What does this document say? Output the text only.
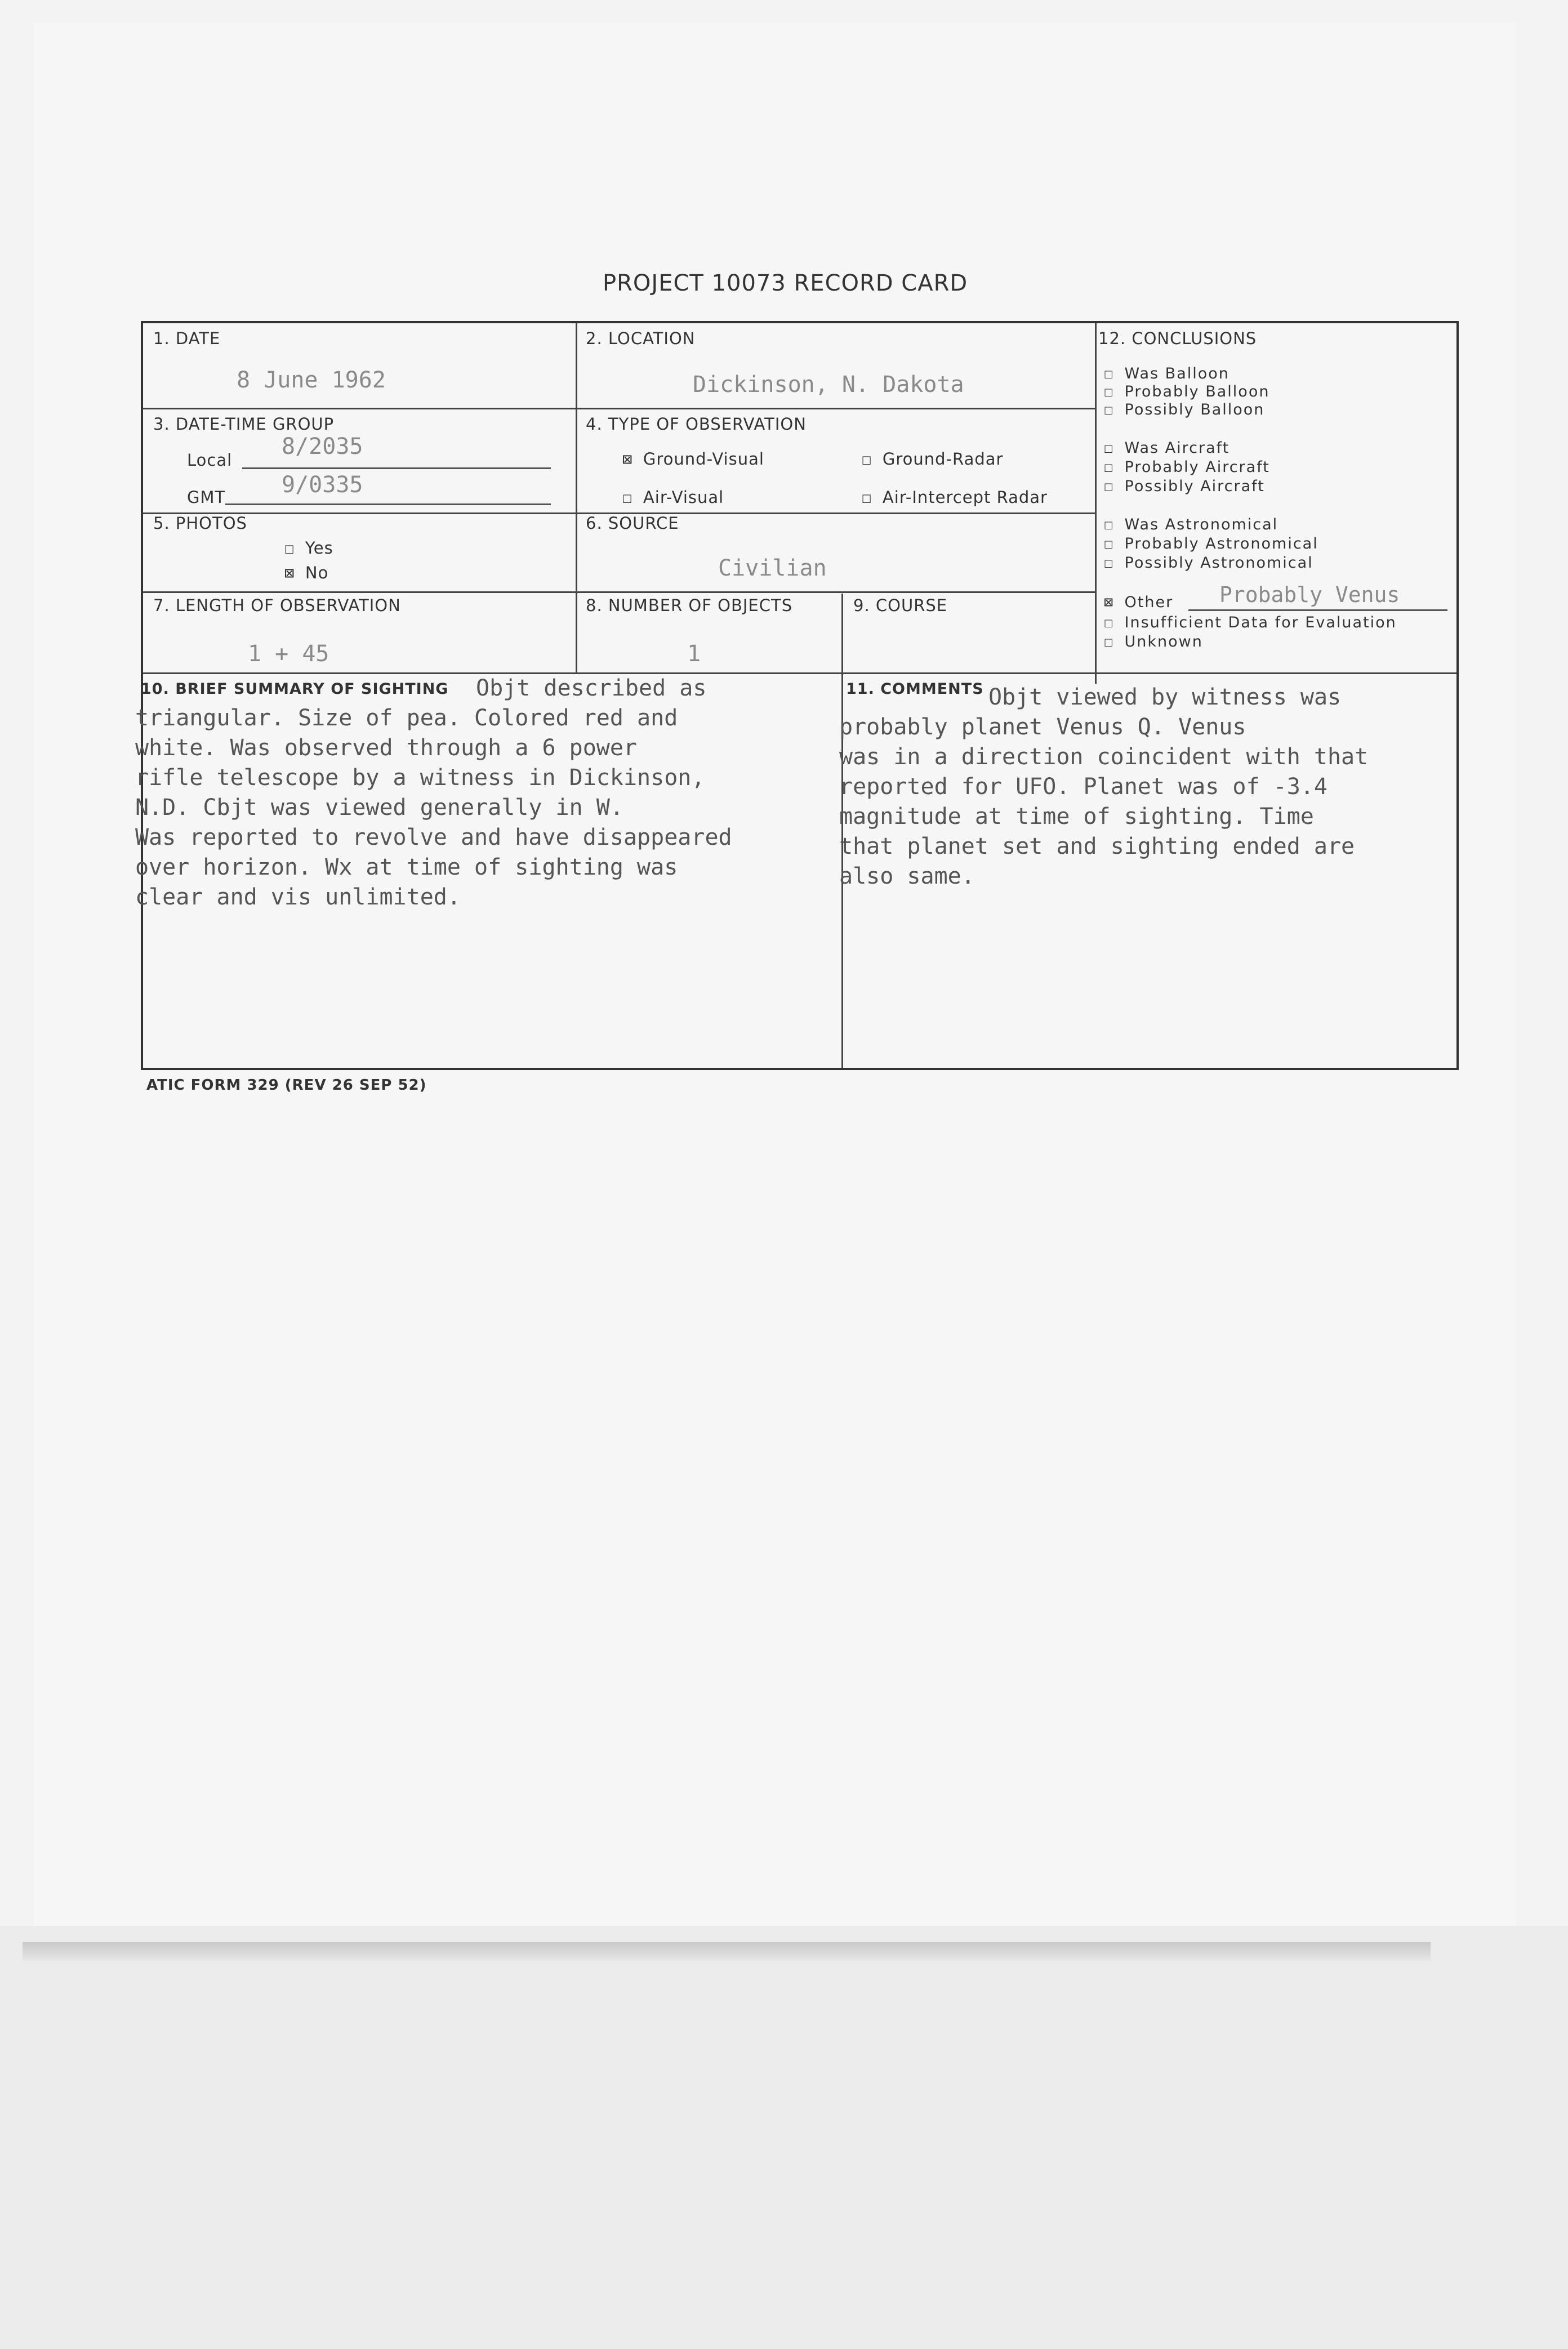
PROJECT 10073 RECORD CARD
1. DATE
8 June 1962
2. LOCATION
Dickinson, N. Dakota
3. DATE-TIME GROUP
Local
8/2035
GMT 9/0335
4. TYPE OF OBSERVATION
⊠ Ground-Visual	☐ Ground-Radar
☐ Air-Visual	☐ Air-Intercept Radar
5. PHOTOS
☐ Yes
⊠ No
6. SOURCE
Civilian
7. LENGTH OF OBSERVATION
1 + 45
8. NUMBER OF OBJECTS
1
9. COURSE
12. CONCLUSIONS
☐ Was Balloon
☐ Probably Balloon
☐ Possibly Balloon
☐ Was Aircraft
☐ Probably Aircraft
☐ Possibly Aircraft
☐ Was Astronomical
☐ Probably Astronomical
☐ Possibly Astronomical
⊠ Other Probably Venus
☐ Insufficient Data for Evaluation
☐ Unknown
10. BRIEF SUMMARY OF SIGHTING Objt described as
triangular. Size of pea. Colored red and
white. Was observed through a 6 power
rifle telescope by a witness in Dickinson,
N.D. Cbjt was viewed generally in W.
Was reported to revolve and have disappeared
over horizon. Wx at time of sighting was
clear and vis unlimited.
11. COMMENTS Objt viewed by witness was
probably planet Venus Q. Venus
was in a direction coincident with that
reported for UFO. Planet was of -3.4
magnitude at time of sighting. Time
that planet set and sighting ended are
also same.
ATIC FORM 329 (REV 26 SEP 52)
